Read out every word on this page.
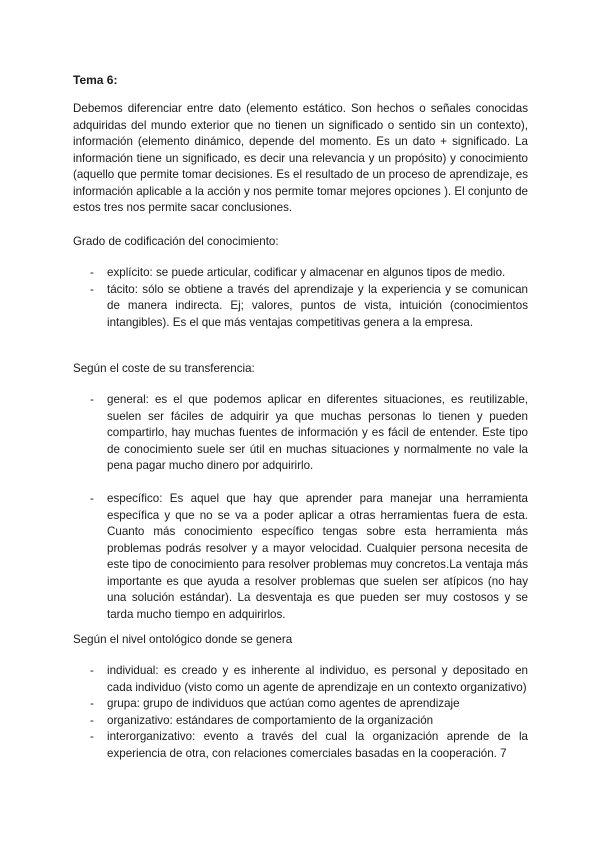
Tema 6:

Debemos diferenciar entre dato (elemento estático. Son hechos o señales conocidas adquiridas del mundo exterior que no tienen un significado o sentido sin un contexto), información (elemento dinámico, depende del momento. Es un dato + significado. La información tiene un significado, es decir una relevancia y un propósito) y conocimiento (aquello que permite tomar decisiones. Es el resultado de un proceso de aprendizaje, es información aplicable a la acción y nos permite tomar mejores opciones ). El conjunto de estos tres nos permite sacar conclusiones.

Grado de codificación del conocimiento:

- explícito: se puede articular, codificar y almacenar en algunos tipos de medio.
- tácito: sólo se obtiene a través del aprendizaje y la experiencia y se comunican de manera indirecta. Ej; valores, puntos de vista, intuición (conocimientos intangibles). Es el que más ventajas competitivas genera a la empresa.

Según el coste de su transferencia:

- general: es el que podemos aplicar en diferentes situaciones, es reutilizable, suelen ser fáciles de adquirir ya que muchas personas lo tienen y pueden compartirlo, hay muchas fuentes de información y es fácil de entender. Este tipo de conocimiento suele ser útil en muchas situaciones y normalmente no vale la pena pagar mucho dinero por adquirirlo.
- específico: Es aquel que hay que aprender para manejar una herramienta específica y que no se va a poder aplicar a otras herramientas fuera de esta. Cuanto más conocimiento específico tengas sobre esta herramienta más problemas podrás resolver y a mayor velocidad. Cualquier persona necesita de este tipo de conocimiento para resolver problemas muy concretos.La ventaja más importante es que ayuda a resolver problemas que suelen ser atípicos (no hay una solución estándar). La desventaja es que pueden ser muy costosos y se tarda mucho tiempo en adquirirlos.

Según el nivel ontológico donde se genera

- individual: es creado y es inherente al individuo, es personal y depositado en cada individuo (visto como un agente de aprendizaje en un contexto organizativo)
- grupa: grupo de individuos que actúan como agentes de aprendizaje
- organizativo: estándares de comportamiento de la organización
- interorganizativo: evento a través del cual la organización aprende de la experiencia de otra, con relaciones comerciales basadas en la cooperación. 7
